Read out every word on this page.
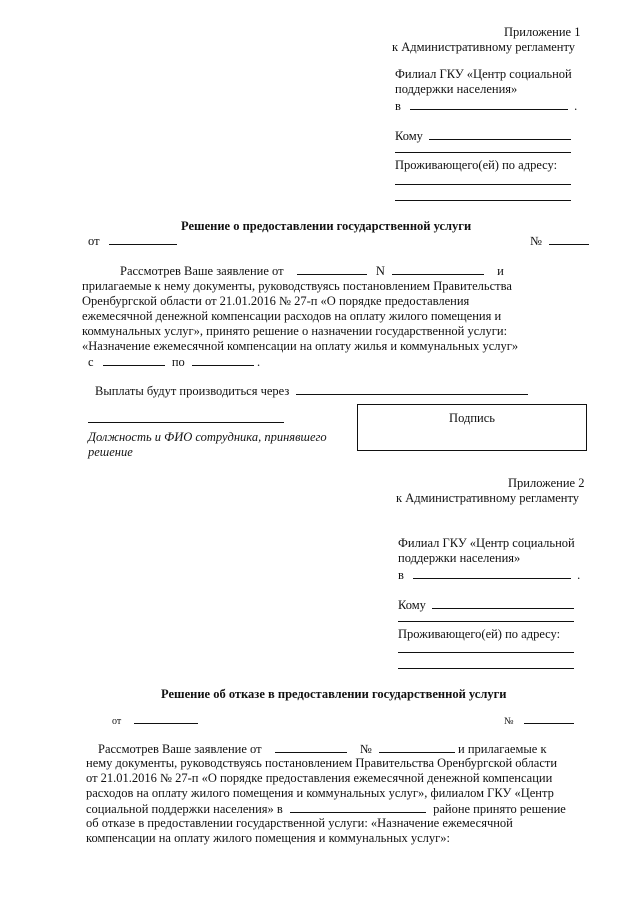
Приложение 1
к Административному регламенту
Филиал ГКУ «Центр социальной
поддержки населения»
в	.
Кому
Проживающего(ей) по адресу:
Решение о предоставлении государственной услуги
от	№
Рассмотрев Ваше заявление от	N	и
прилагаемые к нему документы, руководствуясь постановлением Правительства
Оренбургской области от 21.01.2016 № 27-п «О порядке предоставления
ежемесячной денежной компенсации расходов на оплату жилого помещения и
коммунальных услуг», принято решение о назначении государственной услуги:
«Назначение ежемесячной компенсации на оплату жилья и коммунальных услуг»
с	по	.
Выплаты будут производиться через
Подпись
Должность и ФИО сотрудника, принявшего
решение
Приложение 2
к Административному регламенту
Филиал ГКУ «Центр социальной
поддержки населения»
в	.
Кому
Проживающего(ей) по адресу:
Решение об отказе в предоставлении государственной услуги
от	№
Рассмотрев Ваше заявление от	№	и прилагаемые к
нему документы, руководствуясь постановлением Правительства Оренбургской области
от 21.01.2016 № 27-п «О порядке предоставления ежемесячной денежной компенсации
расходов на оплату жилого помещения и коммунальных услуг», филиалом ГКУ «Центр
социальной поддержки населения» в	районе принято решение
об отказе в предоставлении государственной услуги: «Назначение ежемесячной
компенсации на оплату жилого помещения и коммунальных услуг»:
